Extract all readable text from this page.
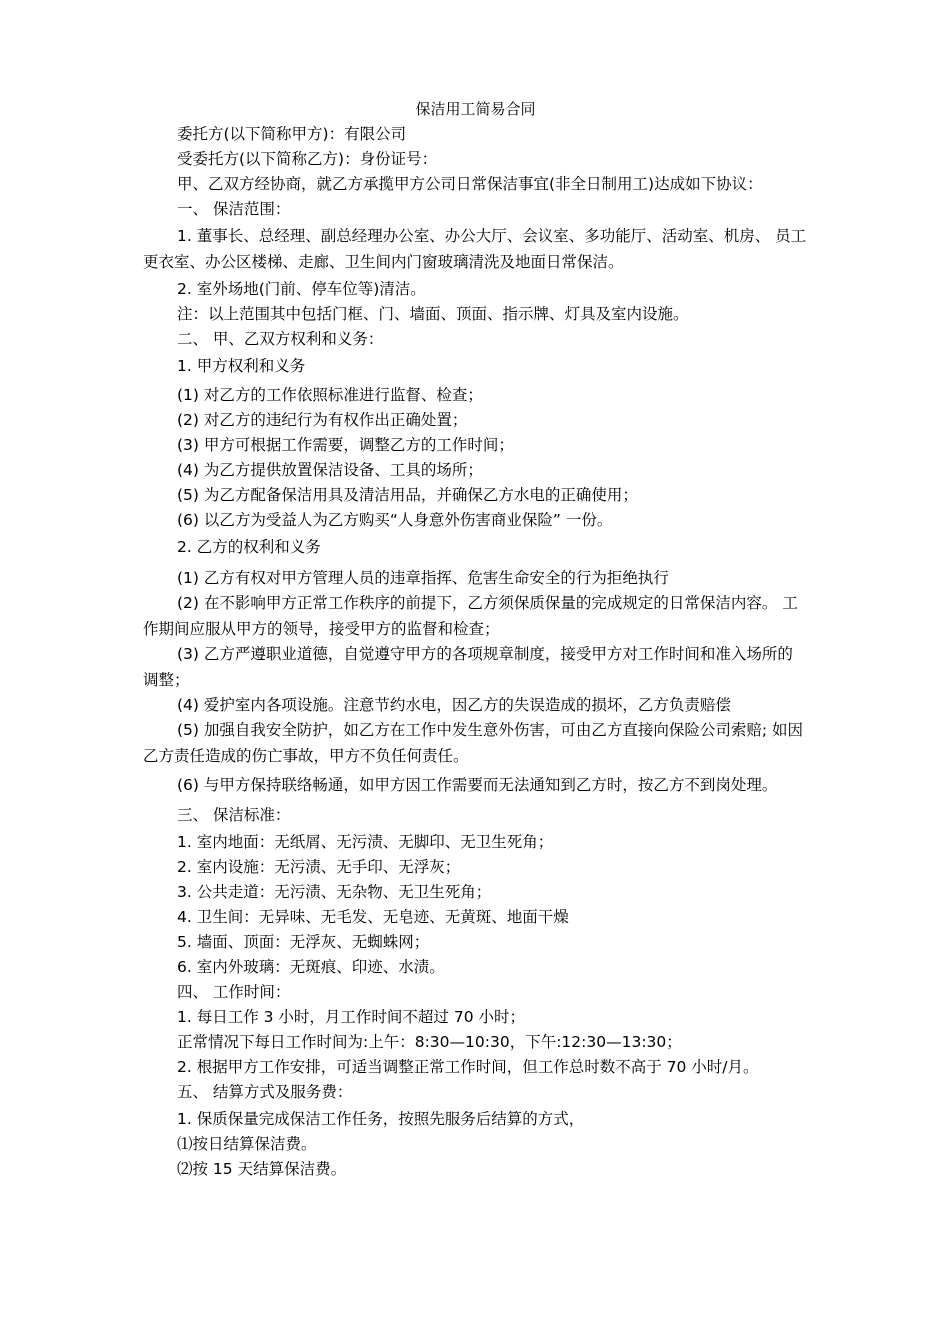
保洁用工简易合同

委托方(以下简称甲方)：有限公司

受委托方(以下简称乙方)：身份证号：

甲、乙双方经协商，就乙方承揽甲方公司日常保洁事宜(非全日制用工)达成如下协议：

一、 保洁范围：

1. 董事长、总经理、副总经理办公室、办公大厅、会议室、多功能厅、活动室、机房、 员工更衣室、办公区楼梯、走廊、卫生间内门窗玻璃清洗及地面日常保洁。

2. 室外场地(门前、停车位等)清洁。

注：以上范围其中包括门框、门、墙面、顶面、指示牌、灯具及室内设施。

二、 甲、乙双方权利和义务：

1. 甲方权利和义务

(1) 对乙方的工作依照标准进行监督、检查；

(2) 对乙方的违纪行为有权作出正确处置；

(3) 甲方可根据工作需要，调整乙方的工作时间；

(4) 为乙方提供放置保洁设备、工具的场所；

(5) 为乙方配备保洁用具及清洁用品，并确保乙方水电的正确使用；

(6) 以乙方为受益人为乙方购买“人身意外伤害商业保险” 一份。

2. 乙方的权利和义务

(1) 乙方有权对甲方管理人员的违章指挥、危害生命安全的行为拒绝执行

(2) 在不影响甲方正常工作秩序的前提下，乙方须保质保量的完成规定的日常保洁内容。 工作期间应服从甲方的领导，接受甲方的监督和检查；

(3) 乙方严遵职业道德，自觉遵守甲方的各项规章制度，接受甲方对工作时间和准入场所的调整；

(4) 爱护室内各项设施。注意节约水电，因乙方的失误造成的损坏，乙方负责赔偿

(5) 加强自我安全防护，如乙方在工作中发生意外伤害，可由乙方直接向保险公司索赔; 如因乙方责任造成的伤亡事故，甲方不负任何责任。

(6) 与甲方保持联络畅通，如甲方因工作需要而无法通知到乙方时，按乙方不到岗处理。

三、 保洁标准：

1. 室内地面：无纸屑、无污渍、无脚印、无卫生死角；

2. 室内设施：无污渍、无手印、无浮灰；

3. 公共走道：无污渍、无杂物、无卫生死角；

4. 卫生间：无异味、无毛发、无皂迹、无黄斑、地面干燥

5. 墙面、顶面：无浮灰、无蜘蛛网；

6. 室内外玻璃：无斑痕、印迹、水渍。

四、 工作时间：

1. 每日工作 3 小时，月工作时间不超过 70 小时；

正常情况下每日工作时间为:上午：8:30—10:30，下午:12:30—13:30；

2. 根据甲方工作安排，可适当调整正常工作时间，但工作总时数不高于 70 小时/月。

五、 结算方式及服务费：

1. 保质保量完成保洁工作任务，按照先服务后结算的方式，

⑴按日结算保洁费。

⑵按 15 天结算保洁费。
